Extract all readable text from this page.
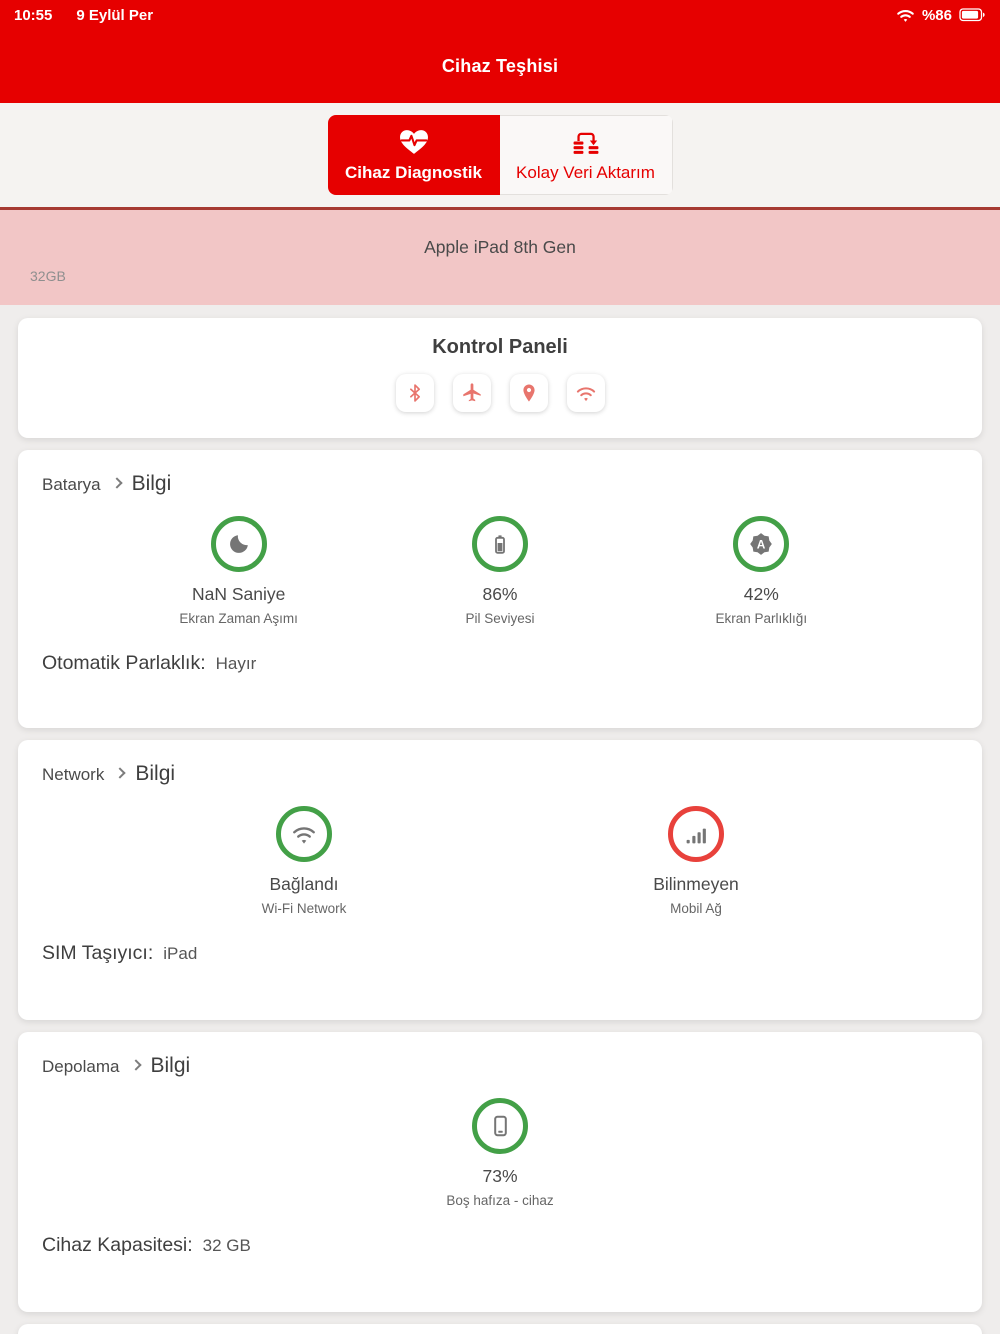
10:55 9 Eylül Per	%86
Cihaz Teşhisi
Cihaz Diagnostik Kolay Veri Aktarım
Apple iPad 8th Gen
32GB
Kontrol Paneli
Batarya Bilgi
NaN Saniye
Ekran Zaman Aşımı
86%
Pil Seviyesi
A
42%
Ekran Parlıklığı
Otomatik Parlaklık: Hayır
Network Bilgi
Bağlandı
Wi-Fi Network
Bilinmeyen
Mobil Ağ
SIM Taşıyıcı: iPad
Depolama Bilgi
73%
Boş hafıza - cihaz
Cihaz Kapasitesi: 32 GB
